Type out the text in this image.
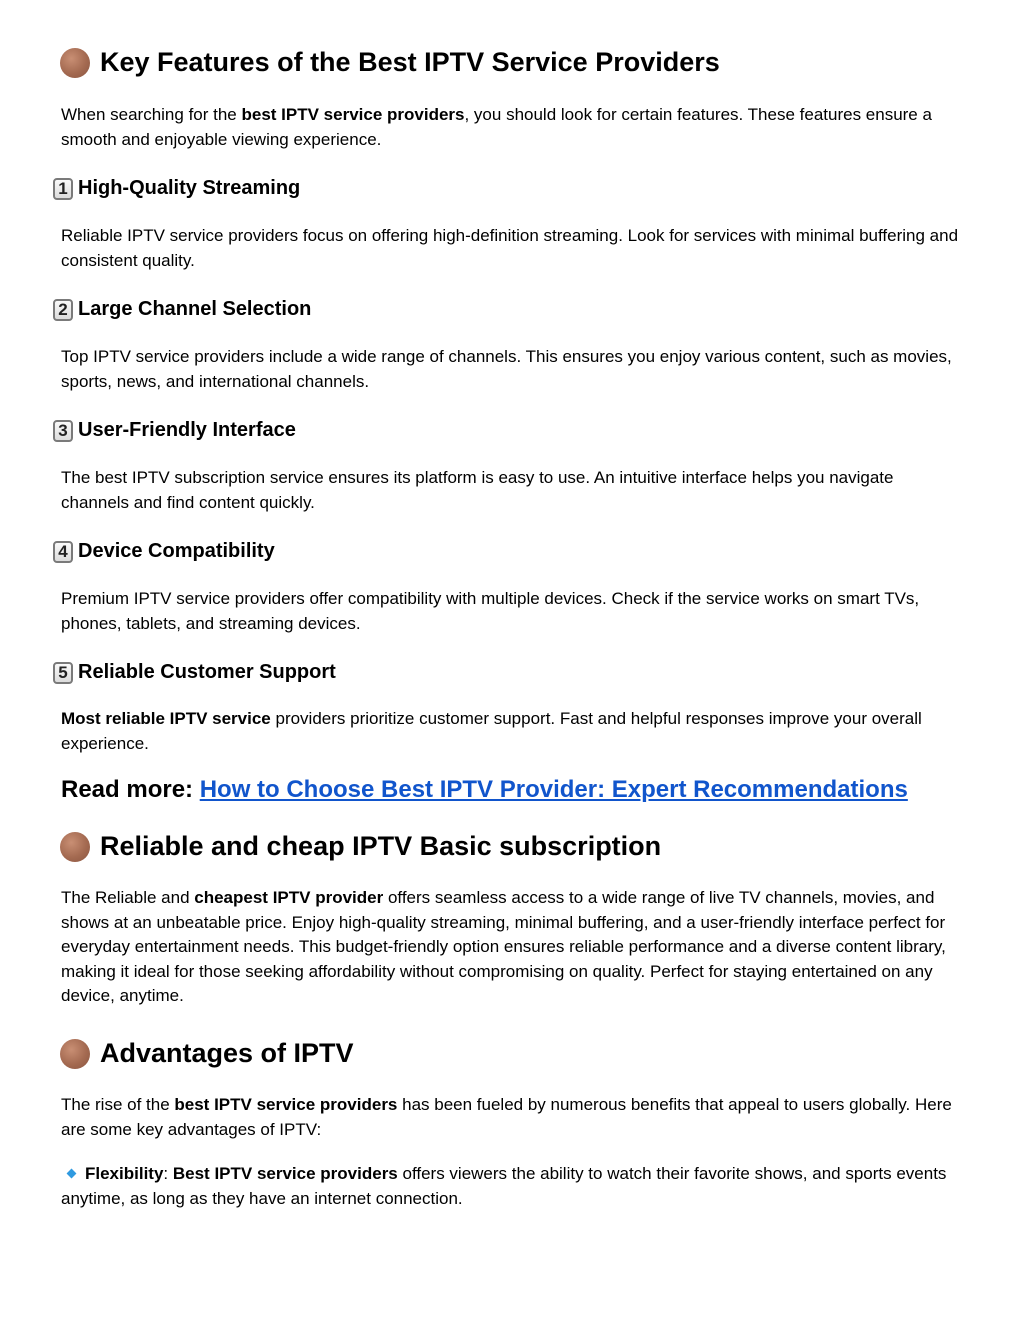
Key Features of the Best IPTV Service Providers
When searching for the best IPTV service providers, you should look for certain features. These features ensure a smooth and enjoyable viewing experience.
1 High-Quality Streaming
Reliable IPTV service providers focus on offering high-definition streaming. Look for services with minimal buffering and consistent quality.
2 Large Channel Selection
Top IPTV service providers include a wide range of channels. This ensures you enjoy various content, such as movies, sports, news, and international channels.
3 User-Friendly Interface
The best IPTV subscription service ensures its platform is easy to use. An intuitive interface helps you navigate channels and find content quickly.
4 Device Compatibility
Premium IPTV service providers offer compatibility with multiple devices. Check if the service works on smart TVs, phones, tablets, and streaming devices.
5 Reliable Customer Support
Most reliable IPTV service providers prioritize customer support. Fast and helpful responses improve your overall experience.
Read more: How to Choose Best IPTV Provider: Expert Recommendations
Reliable and cheap IPTV Basic subscription
The Reliable and cheapest IPTV provider offers seamless access to a wide range of live TV channels, movies, and shows at an unbeatable price. Enjoy high-quality streaming, minimal buffering, and a user-friendly interface perfect for everyday entertainment needs. This budget-friendly option ensures reliable performance and a diverse content library, making it ideal for those seeking affordability without compromising on quality. Perfect for staying entertained on any device, anytime.
Advantages of IPTV
The rise of the best IPTV service providers has been fueled by numerous benefits that appeal to users globally. Here are some key advantages of IPTV:
Flexibility: Best IPTV service providers offers viewers the ability to watch their favorite shows, and sports events anytime, as long as they have an internet connection.
